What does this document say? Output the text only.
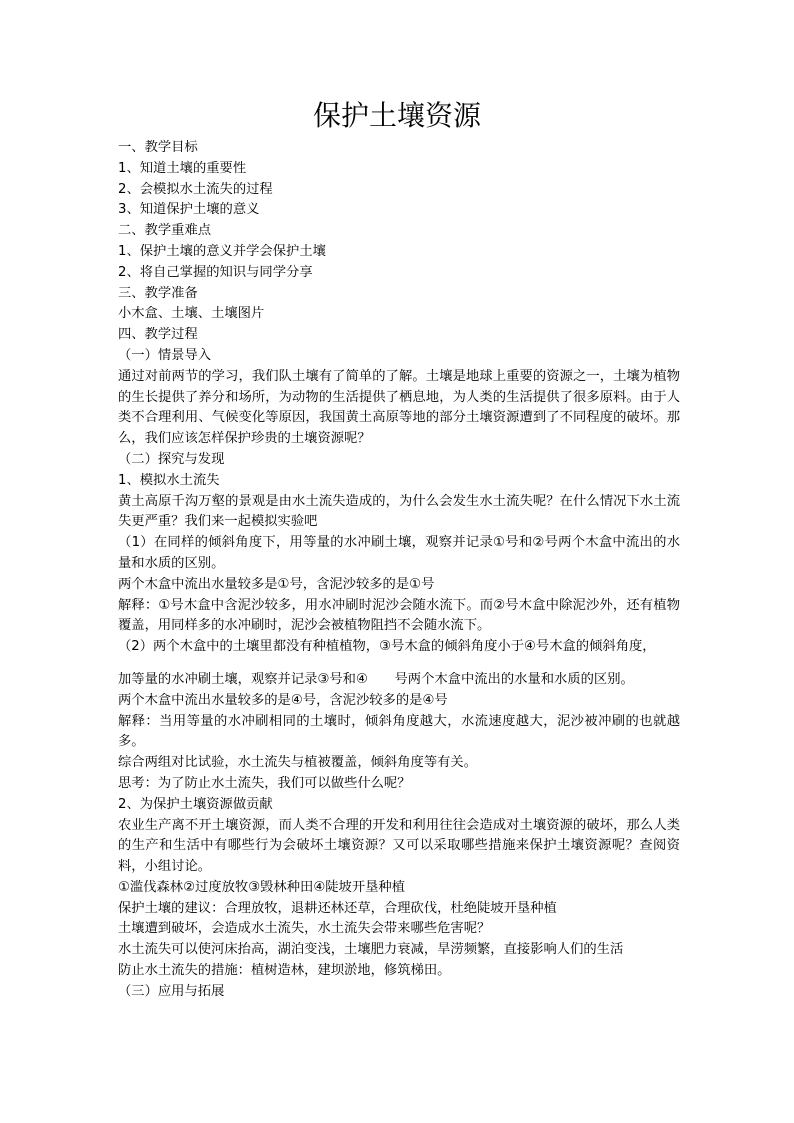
保护土壤资源

一、教学目标

1、知道土壤的重要性

2、会模拟水土流失的过程

3、知道保护土壤的意义

二、教学重难点

1、保护土壤的意义并学会保护土壤

2、将自己掌握的知识与同学分享

三、教学准备

小木盒、土壤、土壤图片

四、教学过程

（一）情景导入

通过对前两节的学习，我们队土壤有了简单的了解。土壤是地球上重要的资源之一，土壤为植物的生长提供了养分和场所，为动物的生活提供了栖息地，为人类的生活提供了很多原料。由于人类不合理利用、气候变化等原因，我国黄土高原等地的部分土壤资源遭到了不同程度的破坏。那么，我们应该怎样保护珍贵的土壤资源呢？

（二）探究与发现

1、模拟水土流失

黄土高原千沟万壑的景观是由水土流失造成的，为什么会发生水土流失呢？在什么情况下水土流失更严重？我们来一起模拟实验吧

（1）在同样的倾斜角度下，用等量的水冲刷土壤，观察并记录①号和②号两个木盒中流出的水量和水质的区别。

两个木盒中流出水量较多是①号，含泥沙较多的是①号

解释：①号木盒中含泥沙较多，用水冲刷时泥沙会随水流下。而②号木盒中除泥沙外，还有植物覆盖，用同样多的水冲刷时，泥沙会被植物阻挡不会随水流下。

（2）两个木盒中的土壤里都没有种植植物，③号木盒的倾斜角度小于④号木盒的倾斜角度，

加等量的水冲刷土壤，观察并记录③号和④　　号两个木盒中流出的水量和水质的区别。

两个木盒中流出水量较多的是④号，含泥沙较多的是④号

解释：当用等量的水冲刷相同的土壤时，倾斜角度越大，水流速度越大，泥沙被冲刷的也就越多。

综合两组对比试验，水土流失与植被覆盖，倾斜角度等有关。

思考：为了防止水土流失，我们可以做些什么呢？

2、为保护土壤资源做贡献

农业生产离不开土壤资源，而人类不合理的开发和利用往往会造成对土壤资源的破坏，那么人类的生产和生活中有哪些行为会破坏土壤资源？又可以采取哪些措施来保护土壤资源呢？查阅资料，小组讨论。

①滥伐森林②过度放牧③毁林种田④陡坡开垦种植

保护土壤的建议：合理放牧，退耕还林还草，合理砍伐，杜绝陡坡开垦种植

土壤遭到破坏，会造成水土流失，水土流失会带来哪些危害呢？

水土流失可以使河床抬高，湖泊变浅，土壤肥力衰减，旱涝频繁，直接影响人们的生活

防止水土流失的措施：植树造林，建坝淤地，修筑梯田。

（三）应用与拓展
